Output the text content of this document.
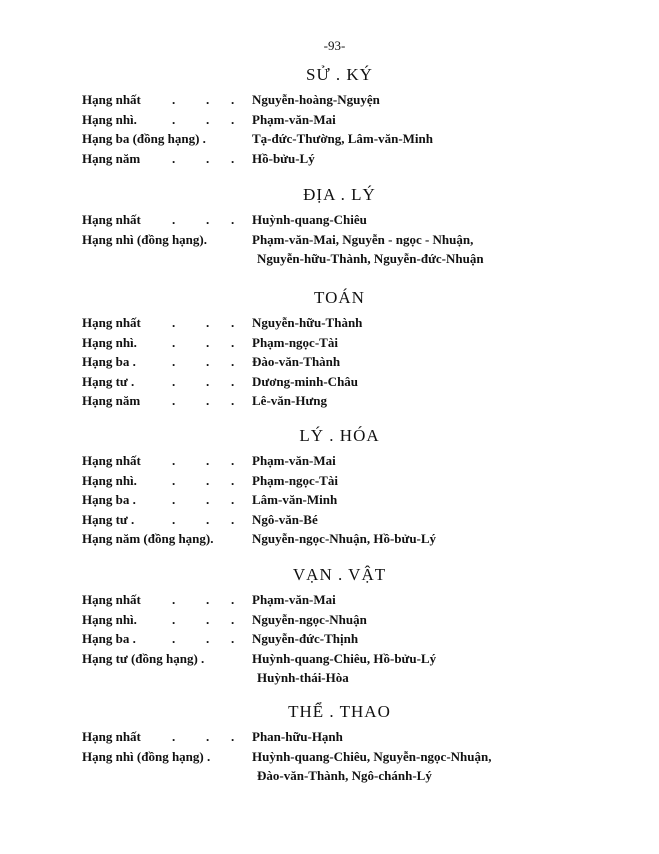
-93-
SỬ . KÝ
Hạng nhất . . . Nguyễn-hoàng-Nguyện
Hạng nhì.	. . . Phạm-văn-Mai
Hạng ba (đồng hạng) .	Tạ-đức-Thường, Lâm-văn-Minh
Hạng năm . . . Hồ-bửu-Lý
ĐỊA . LÝ
Hạng nhất . . . Huỳnh-quang-Chiêu
Hạng nhì (đồng hạng).	Phạm-văn-Mai, Nguyễn - ngọc - Nhuận,
Nguyễn-hữu-Thành, Nguyễn-đức-Nhuận
TOÁN
Hạng nhất . . . Nguyễn-hữu-Thành
Hạng nhì.	. . . Phạm-ngọc-Tài
Hạng ba .	. . . Đào-văn-Thành
Hạng tư .	. . . Dương-minh-Châu
Hạng năm . . . Lê-văn-Hưng
LÝ . HÓA
Hạng nhất . . . Phạm-văn-Mai
Hạng nhì.	. . . Phạm-ngọc-Tài
Hạng ba .	. . . Lâm-văn-Minh
Hạng tư .	. . . Ngô-văn-Bé
Hạng năm (đồng hạng).	Nguyễn-ngọc-Nhuận, Hồ-bửu-Lý
VẠN . VẬT
Hạng nhất . . . Phạm-văn-Mai
Hạng nhì.	. . . Nguyễn-ngọc-Nhuận
Hạng ba .	. . . Nguyễn-đức-Thịnh
Hạng tư (đồng hạng) .	Huỳnh-quang-Chiêu, Hồ-bửu-Lý
Huỳnh-thái-Hòa
THỂ . THAO
Hạng nhất . . . Phan-hữu-Hạnh
Hạng nhì (đồng hạng) .	Huỳnh-quang-Chiêu, Nguyễn-ngọc-Nhuận,
Đào-văn-Thành, Ngô-chánh-Lý
